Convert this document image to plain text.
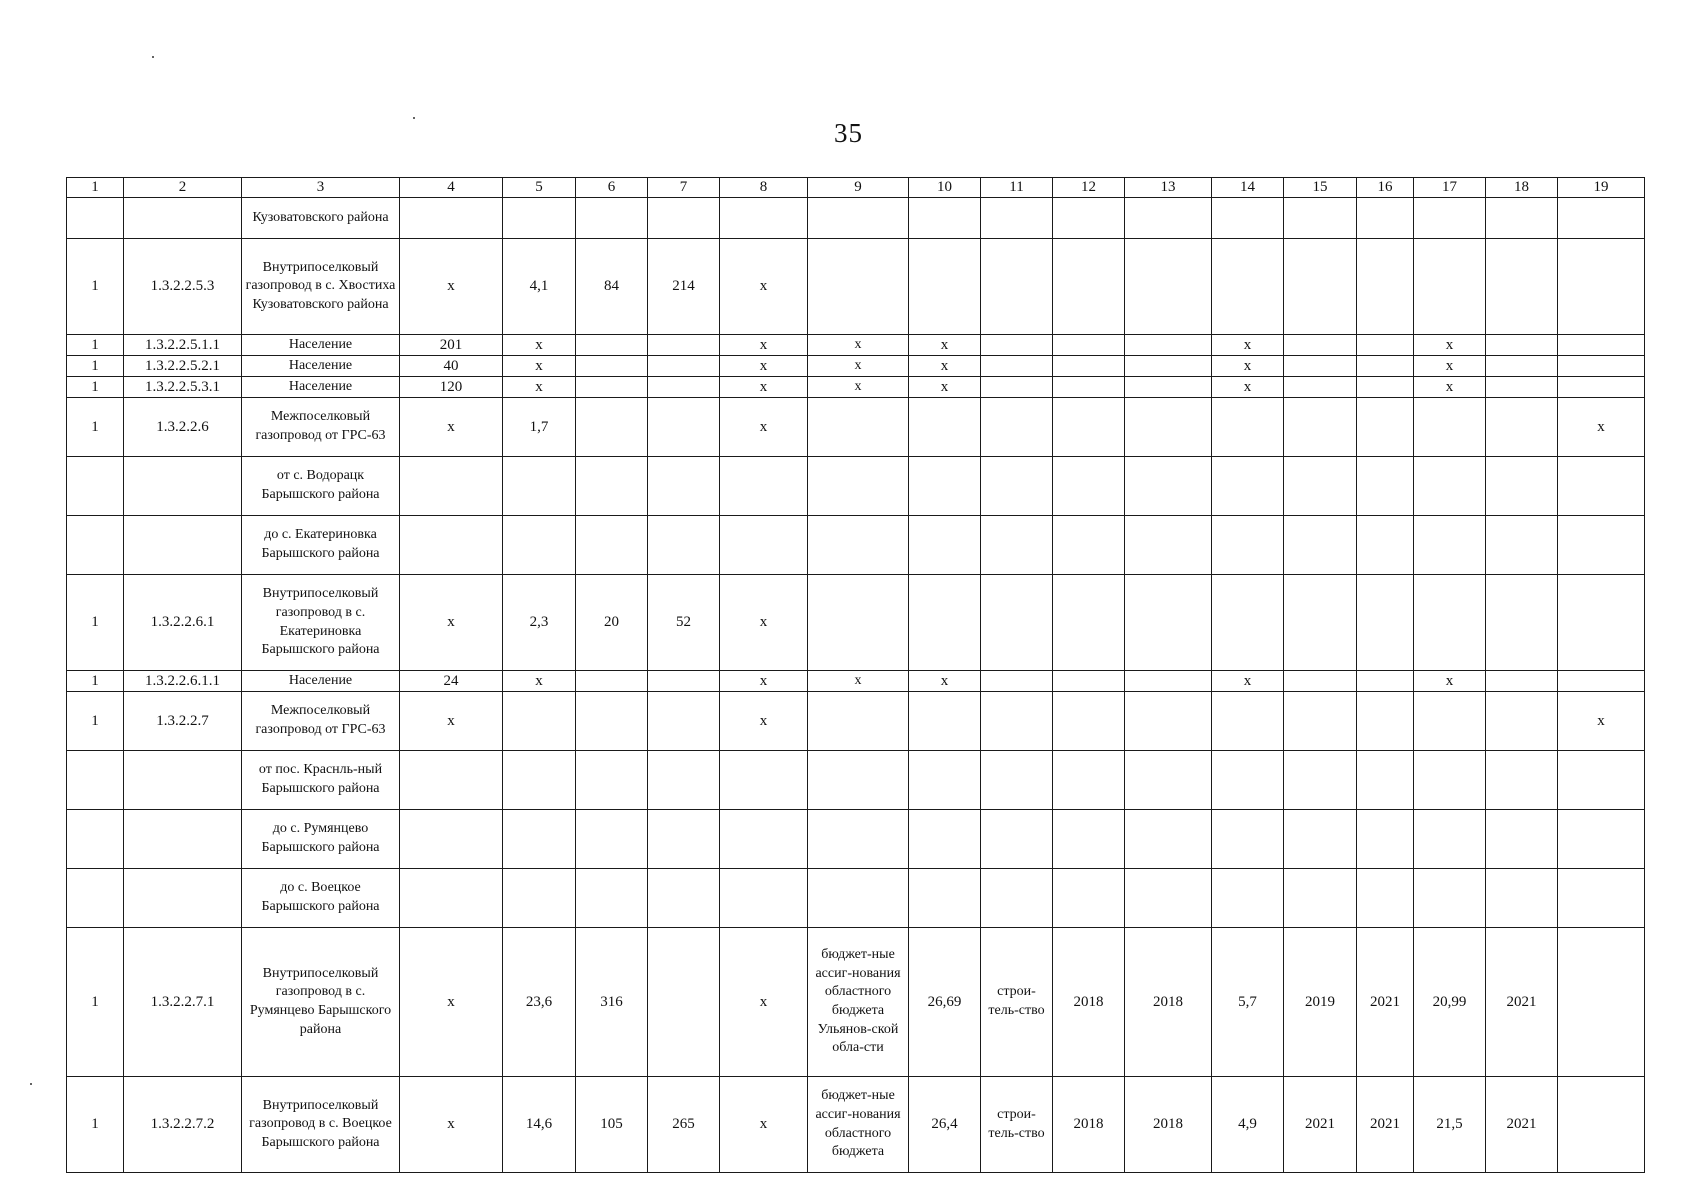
35
1	2	3	4	5	6	7	8	9	10	11	12	13	14	15	16	17	18	19
		Кузоватовского района																
1	1.3.2.2.5.3	Внутрипоселковый газопровод в с. Хвостиха Кузоватовского района	x	4,1	84	214	x											
1	1.3.2.2.5.1.1	Население	201	x			x	x	x				x			x		
1	1.3.2.2.5.2.1	Население	40	x			x	x	x				x			x		
1	1.3.2.2.5.3.1	Население	120	x			x	x	x				x			x		
1	1.3.2.2.6	Межпоселковый газопровод от ГРС-63	x	1,7			x											x
		от с. Водорацк Барышского района																
		до с. Екатериновка Барышского района																
1	1.3.2.2.6.1	Внутрипоселковый газопровод в с. Екатериновка Барышского района	x	2,3	20	52	x											
1	1.3.2.2.6.1.1	Население	24	x			x	x	x				x			x		
1	1.3.2.2.7	Межпоселковый газопровод от ГРС-63	x				x											x
		от пос. Краснль-ный Барышского района																
		до с. Румянцево Барышского района																
		до с. Воецкое Барышского района																
1	1.3.2.2.7.1	Внутрипоселковый газопровод в с. Румянцево Барышского района	x	23,6	316		x	бюджет-ные ассиг-нования областного бюджета Ульянов-ской обла-сти	26,69	строи-тель-ство	2018	2018	5,7	2019	2021	20,99	2021	
1	1.3.2.2.7.2	Внутрипоселковый газопровод в с. Воецкое Барышского района	x	14,6	105	265	x	бюджет-ные ассиг-нования областного бюджета	26,4	строи-тель-ство	2018	2018	4,9	2021	2021	21,5	2021	
